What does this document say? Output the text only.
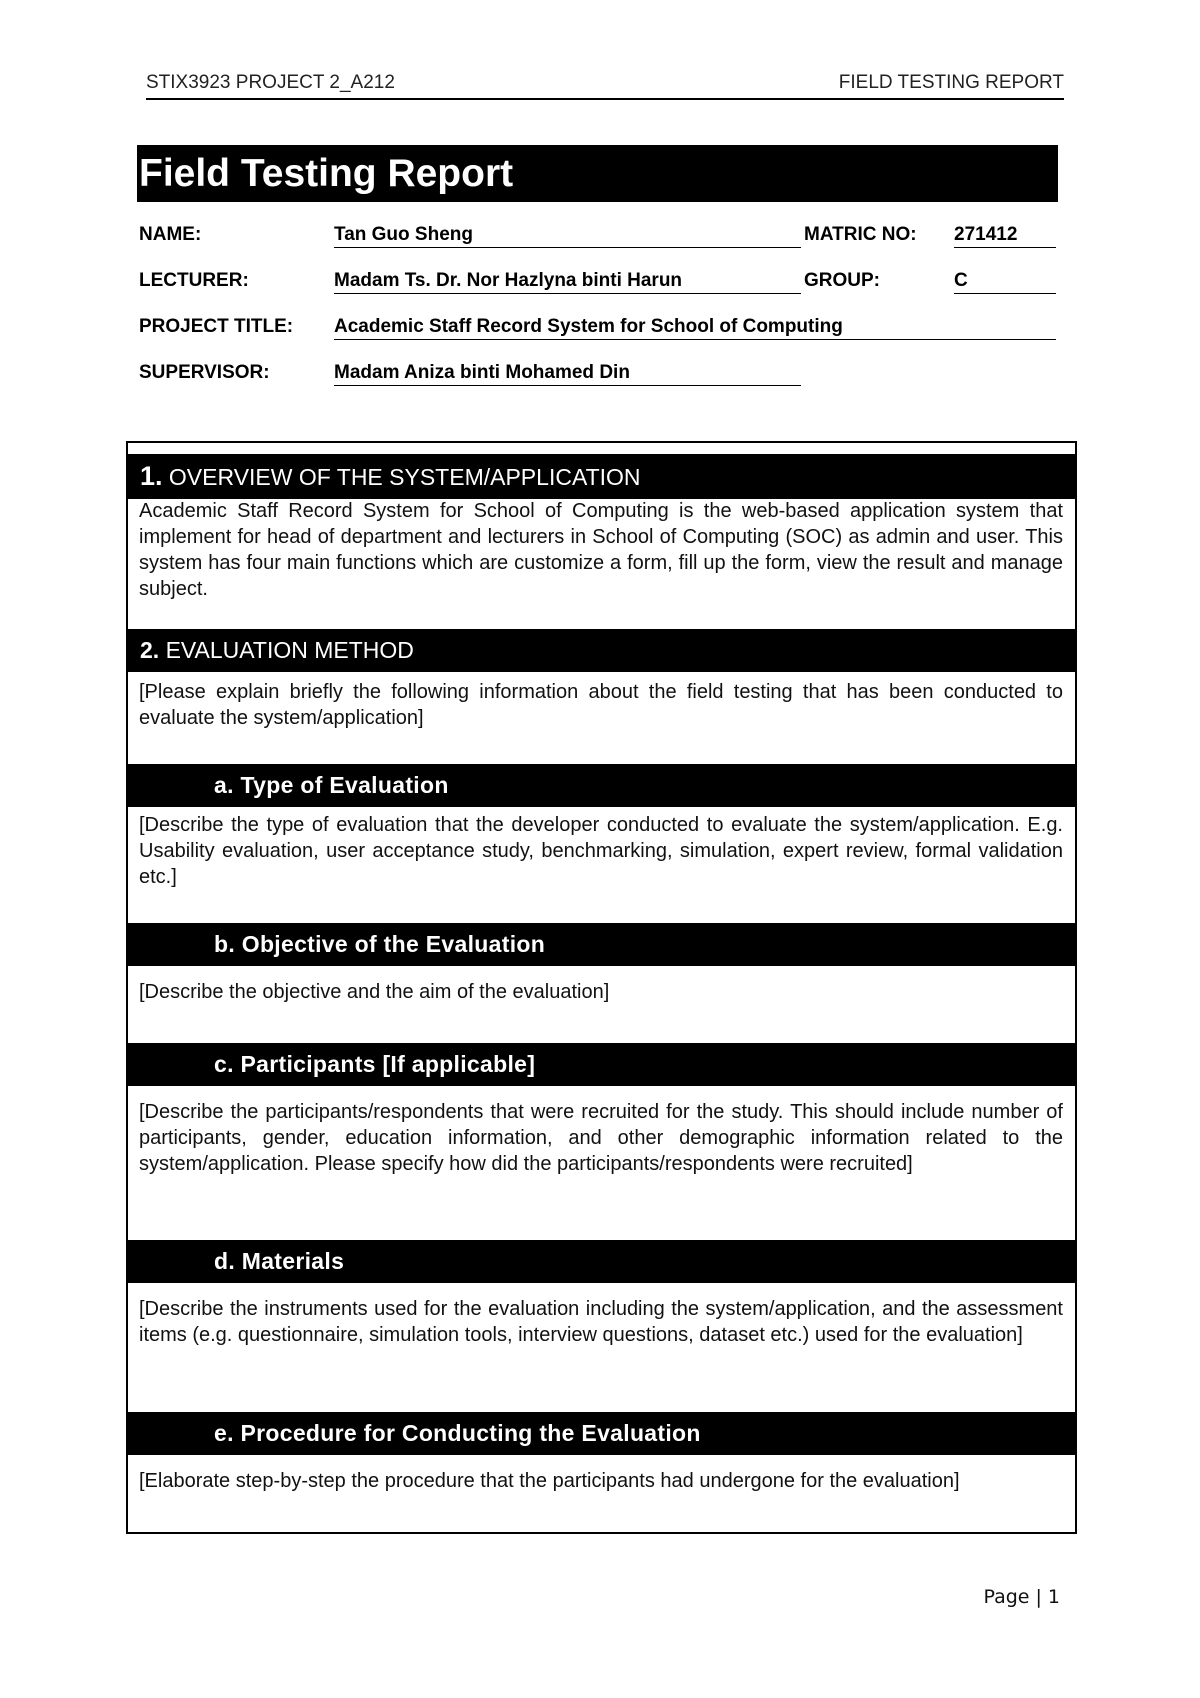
STIX3923 PROJECT 2_A212	FIELD TESTING REPORT
Field Testing Report
NAME:	Tan Guo Sheng	MATRIC NO: 271412
LECTURER:	Madam Ts. Dr. Nor Hazlyna binti Harun	GROUP:	C
PROJECT TITLE: Academic Staff Record System for School of Computing
SUPERVISOR:	Madam Aniza binti Mohamed Din
1. OVERVIEW OF THE SYSTEM/APPLICATION
Academic Staff Record System for School of Computing is the web-based application system that implement for head of department and lecturers in School of Computing (SOC) as admin and user. This system has four main functions which are customize a form, fill up the form, view the result and manage subject.
2. EVALUATION METHOD
[Please explain briefly the following information about the field testing that has been conducted to evaluate the system/application]
a. Type of Evaluation
[Describe the type of evaluation that the developer conducted to evaluate the system/application. E.g. Usability evaluation, user acceptance study, benchmarking, simulation, expert review, formal validation etc.]
b. Objective of the Evaluation
[Describe the objective and the aim of the evaluation]
c. Participants [If applicable]
[Describe the participants/respondents that were recruited for the study. This should include number of participants, gender, education information, and other demographic information related to the system/application. Please specify how did the participants/respondents were recruited]
d. Materials
[Describe the instruments used for the evaluation including the system/application, and the assessment items (e.g. questionnaire, simulation tools, interview questions, dataset etc.) used for the evaluation]
e. Procedure for Conducting the Evaluation
[Elaborate step-by-step the procedure that the participants had undergone for the evaluation]
Page | 1
